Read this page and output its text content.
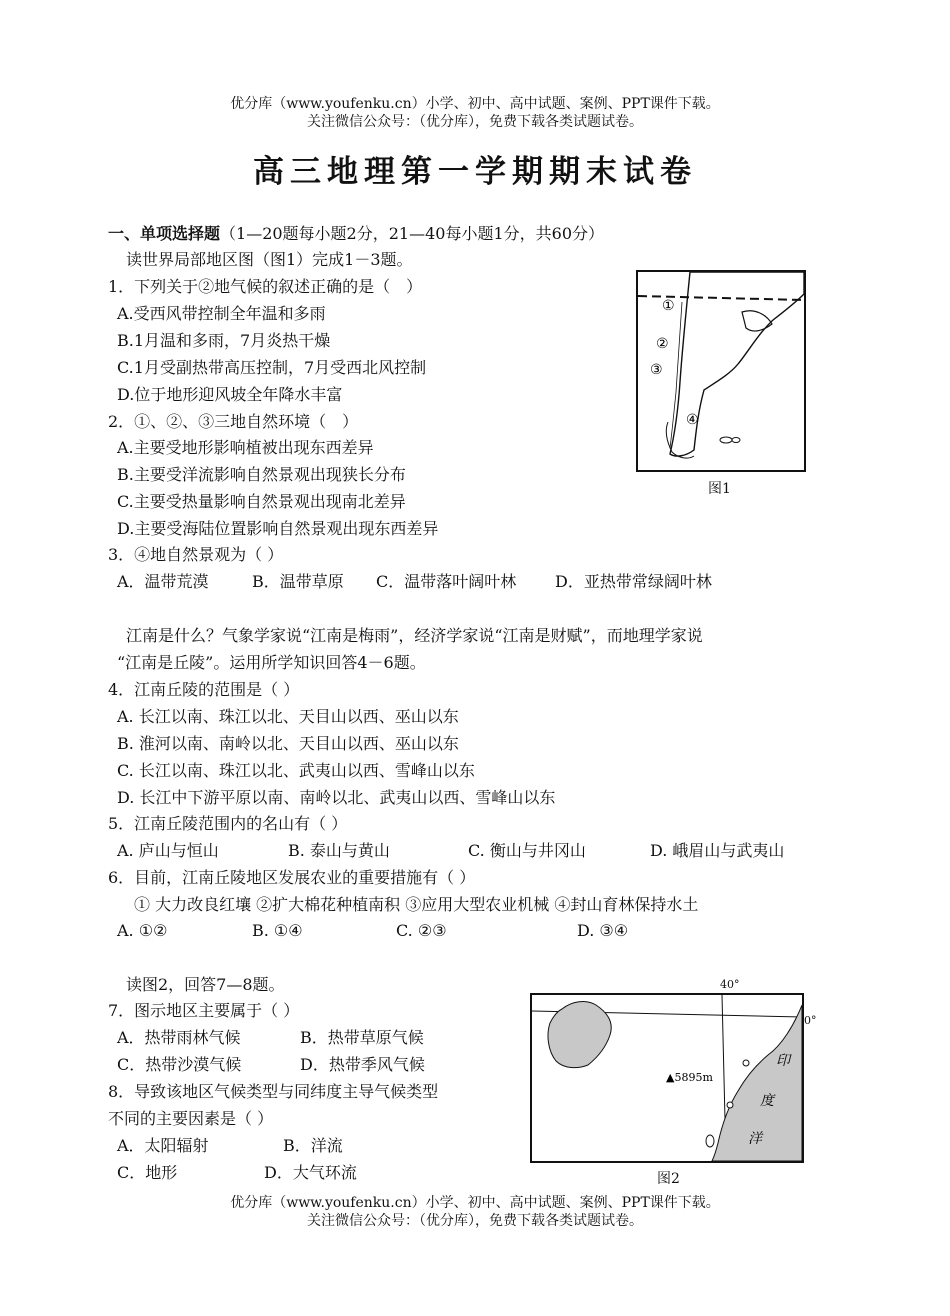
优分库（www.youfenku.cn）小学、初中、高中试题、案例、PPT课件下载。
关注微信公众号：（优分库），免费下载各类试题试卷。
高三地理第一学期期末试卷
一、单项选择题（1—20题每小题2分，21—40每小题1分，共60分）
读世界局部地区图（图1）完成1－3题。
1．下列关于②地气候的叙述正确的是（　）
A.受西风带控制全年温和多雨
B.1月温和多雨，7月炎热干燥
C.1月受副热带高压控制，7月受西北风控制
D.位于地形迎风坡全年降水丰富
2．①、②、③三地自然环境（　）
A.主要受地形影响植被出现东西差异
B.主要受洋流影响自然景观出现狭长分布
C.主要受热量影响自然景观出现南北差异
D.主要受海陆位置影响自然景观出现东西差异
3．④地自然景观为（ ）
A．温带荒漠	B．温带草原 C．温带落叶阔叶林 D．亚热带常绿阔叶林
①
②
③
④
图1
江南是什么？气象学家说“江南是梅雨”，经济学家说“江南是财赋”，而地理学家说
“江南是丘陵”。运用所学知识回答4－6题。
4．江南丘陵的范围是（ ）
A. 长江以南、珠江以北、天目山以西、巫山以东
B. 淮河以南、南岭以北、天目山以西、巫山以东
C. 长江以南、珠江以北、武夷山以西、雪峰山以东
D. 长江中下游平原以南、南岭以北、武夷山以西、雪峰山以东
5．江南丘陵范围内的名山有（ ）
A. 庐山与恒山	B. 泰山与黄山	C. 衡山与井冈山	D. 峨眉山与武夷山
6．目前，江南丘陵地区发展农业的重要措施有（ ）
① 大力改良红壤 ②扩大棉花种植南积 ③应用大型农业机械 ④封山育林保持水土
A. ①②	B. ①④	C. ②③	D. ③④
读图2，回答7—8题。
7．图示地区主要属于（ ）
A．热带雨林气候	B．热带草原气候
C．热带沙漠气候	D．热带季风气候
8．导致该地区气候类型与同纬度主导气候类型
不同的主要因素是（ ）
A．太阳辐射	B．洋流
C．地形	D．大气环流
40°
0°
▲5895m
印
度
洋
图2
优分库（www.youfenku.cn）小学、初中、高中试题、案例、PPT课件下载。
关注微信公众号：（优分库），免费下载各类试题试卷。
